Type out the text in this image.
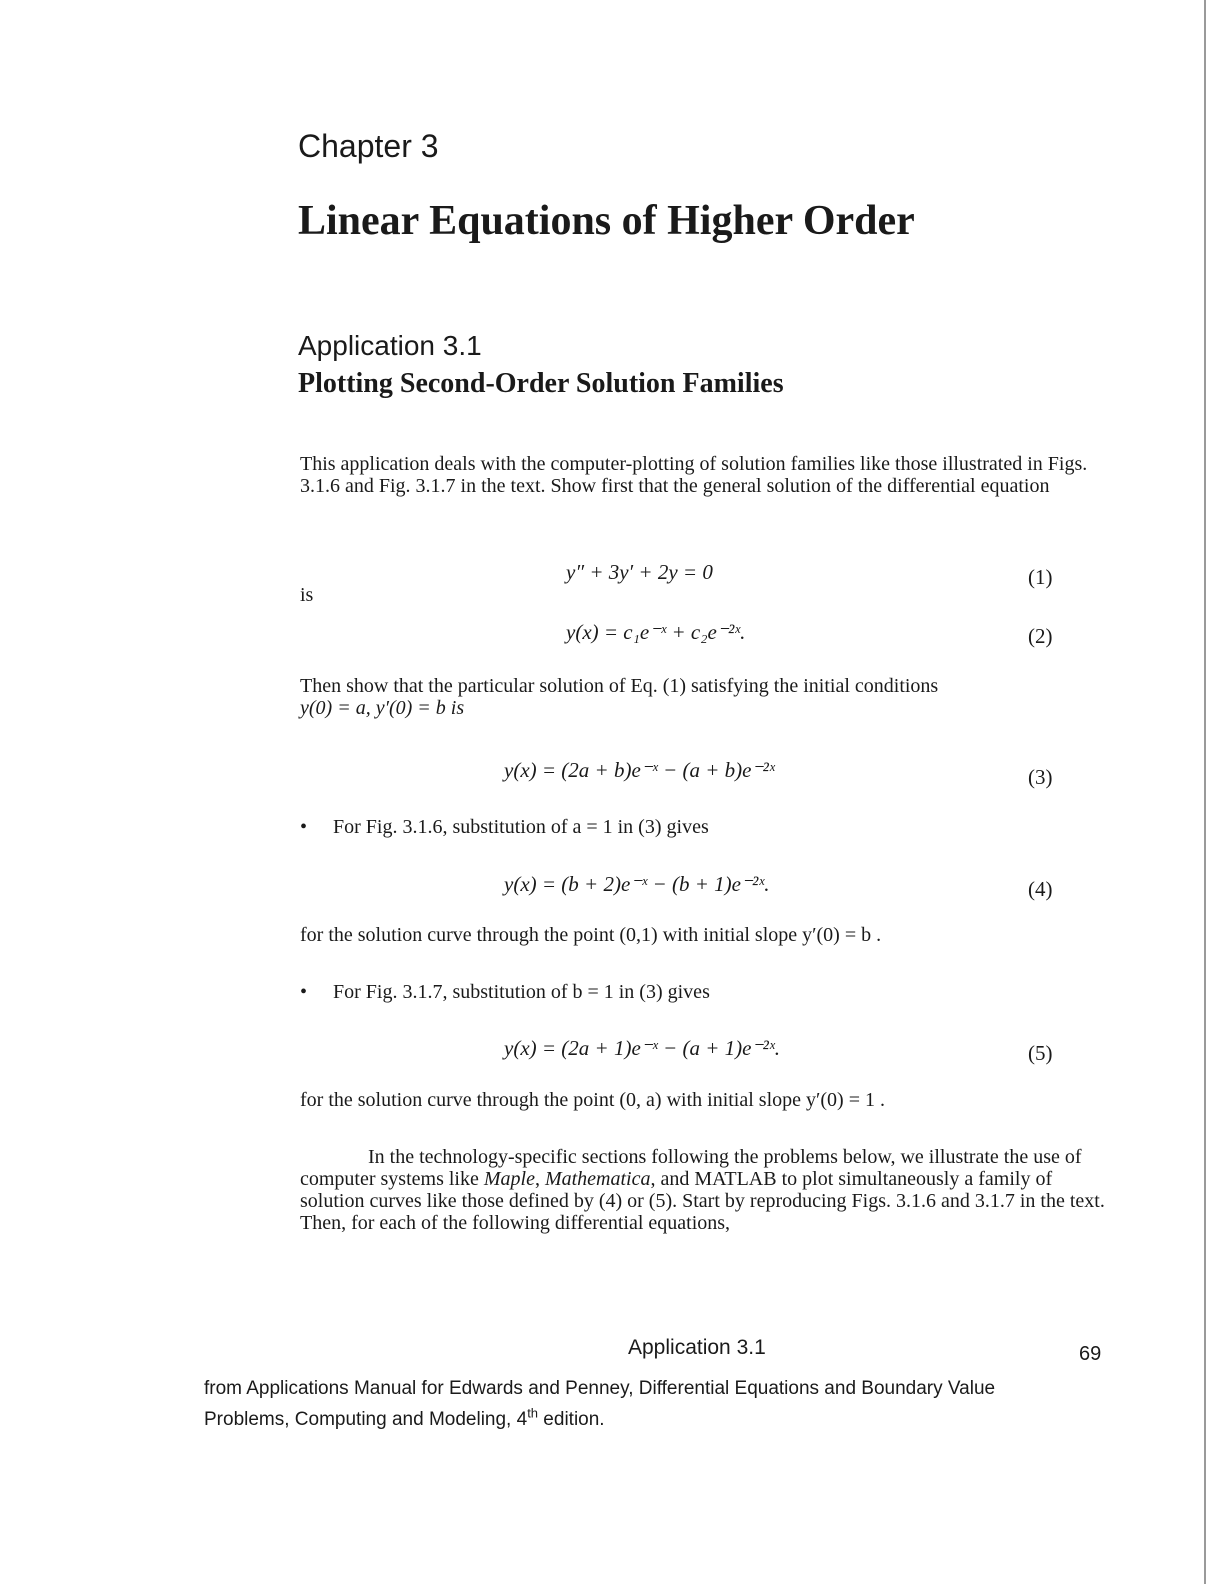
Chapter 3
Linear Equations of Higher Order
Application 3.1
Plotting Second-Order Solution Families

This application deals with the computer-plotting of solution families like those illustrated in Figs. 3.1.6 and Fig. 3.1.7 in the text. Show first that the general solution of the differential equation

y″ + 3y′ + 2y = 0	(1)
is
y(x) = c₁e⁻ˣ + c₂e⁻²ˣ.	(2)
Then show that the particular solution of Eq. (1) satisfying the initial conditions
y(0) = a, y′(0) = b is
y(x) = (2a + b)e⁻ˣ − (a + b)e⁻²ˣ	(3)
• For Fig. 3.1.6, substitution of a = 1 in (3) gives
y(x) = (b + 2)e⁻ˣ − (b + 1)e⁻²ˣ.	(4)
for the solution curve through the point (0,1) with initial slope y′(0) = b .
• For Fig. 3.1.7, substitution of b = 1 in (3) gives
y(x) = (2a + 1)e⁻ˣ − (a + 1)e⁻²ˣ.	(5)
for the solution curve through the point (0, a) with initial slope y′(0) = 1 .

In the technology-specific sections following the problems below, we illustrate the use of computer systems like Maple, Mathematica, and MATLAB to plot simultaneously a family of solution curves like those defined by (4) or (5). Start by reproducing Figs. 3.1.6 and 3.1.7 in the text. Then, for each of the following differential equations,

Application 3.1	69
from Applications Manual for Edwards and Penney, Differential Equations and Boundary Value
Problems, Computing and Modeling, 4th edition.
